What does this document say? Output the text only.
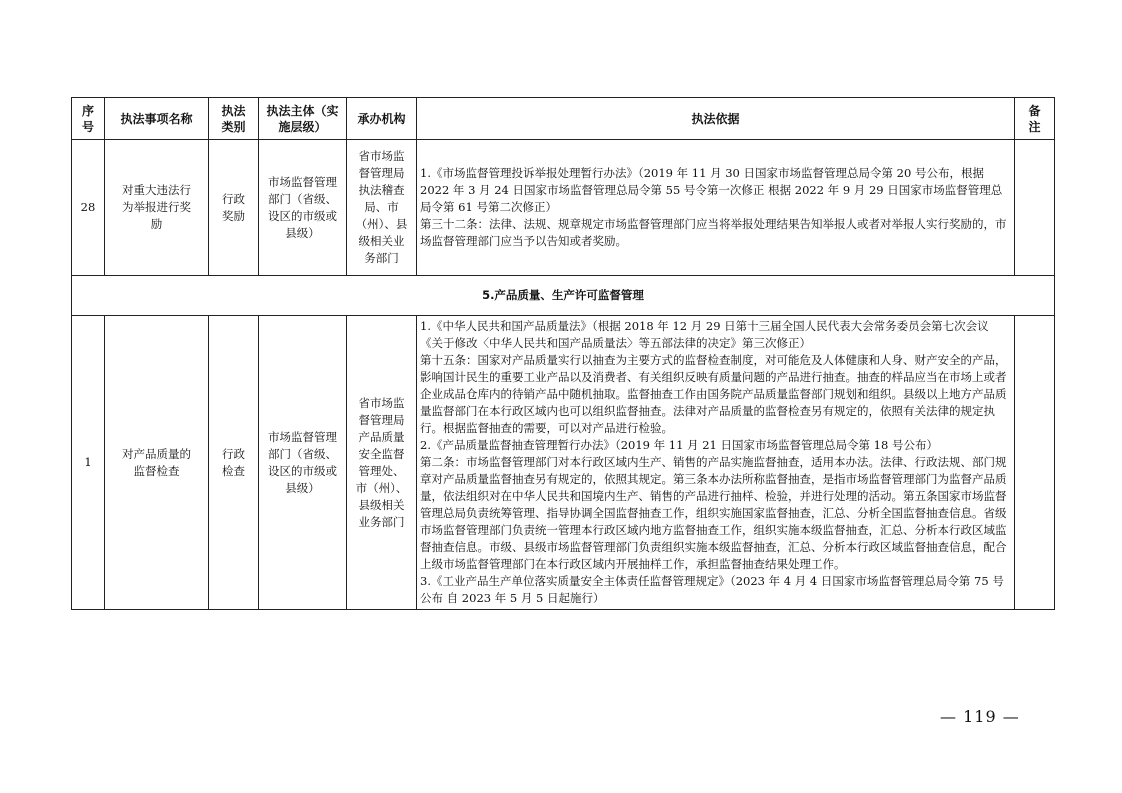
序号	执法事项名称	执法类别	执法主体（实施层级）	承办机构	执法依据	备注
28	对重大违法行为举报进行奖励	行政奖励	市场监督管理部门（省级、设区的市级或县级）	省市场监督管理局执法稽查局、市（州）、县级相关业务部门	1.《市场监督管理投诉举报处理暂行办法》（2019 年 11 月 30 日国家市场监督管理总局令第 20 号公布，根据 2022 年 3 月 24 日国家市场监督管理总局令第 55 号令第一次修正 根据 2022 年 9 月 29 日国家市场监督管理总局令第 61 号第二次修正）

第三十二条：法律、法规、规章规定市场监督管理部门应当将举报处理结果告知举报人或者对举报人实行奖励的，市场监督管理部门应当予以告知或者奖励。	

5.产品质量、生产许可监督管理						
1	对产品质量的监督检查	行政检查	市场监督管理部门（省级、设区的市级或县级）	省市场监督管理局产品质量安全监督管理处、市（州）、县级相关业务部门	1.《中华人民共和国产品质量法》（根据 2018 年 12 月 29 日第十三届全国人民代表大会常务委员会第七次会议《关于修改〈中华人民共和国产品质量法〉等五部法律的决定》第三次修正）

第十五条：国家对产品质量实行以抽查为主要方式的监督检查制度，对可能危及人体健康和人身、财产安全的产品，影响国计民生的重要工业产品以及消费者、有关组织反映有质量问题的产品进行抽查。抽查的样品应当在市场上或者企业成品仓库内的待销产品中随机抽取。监督抽查工作由国务院产品质量监督部门规划和组织。县级以上地方产品质量监督部门在本行政区域内也可以组织监督抽查。法律对产品质量的监督检查另有规定的，依照有关法律的规定执行。根据监督抽查的需要，可以对产品进行检验。

2.《产品质量监督抽查管理暂行办法》（2019 年 11 月 21 日国家市场监督管理总局令第 18 号公布）

第二条：市场监督管理部门对本行政区域内生产、销售的产品实施监督抽查，适用本办法。法律、行政法规、部门规章对产品质量监督抽查另有规定的，依照其规定。第三条本办法所称监督抽查，是指市场监督管理部门为监督产品质量，依法组织对在中华人民共和国境内生产、销售的产品进行抽样、检验，并进行处理的活动。第五条国家市场监督管理总局负责统筹管理、指导协调全国监督抽查工作，组织实施国家监督抽查，汇总、分析全国监督抽查信息。省级市场监督管理部门负责统一管理本行政区域内地方监督抽查工作，组织实施本级监督抽查，汇总、分析本行政区域监督抽查信息。市级、县级市场监督管理部门负责组织实施本级监督抽查，汇总、分析本行政区域监督抽查信息，配合上级市场监督管理部门在本行政区域内开展抽样工作，承担监督抽查结果处理工作。

3.《工业产品生产单位落实质量安全主体责任监督管理规定》（2023 年 4 月 4 日国家市场监督管理总局令第 75 号公布 自 2023 年 5 月 5 日起施行）	

— 119 —
